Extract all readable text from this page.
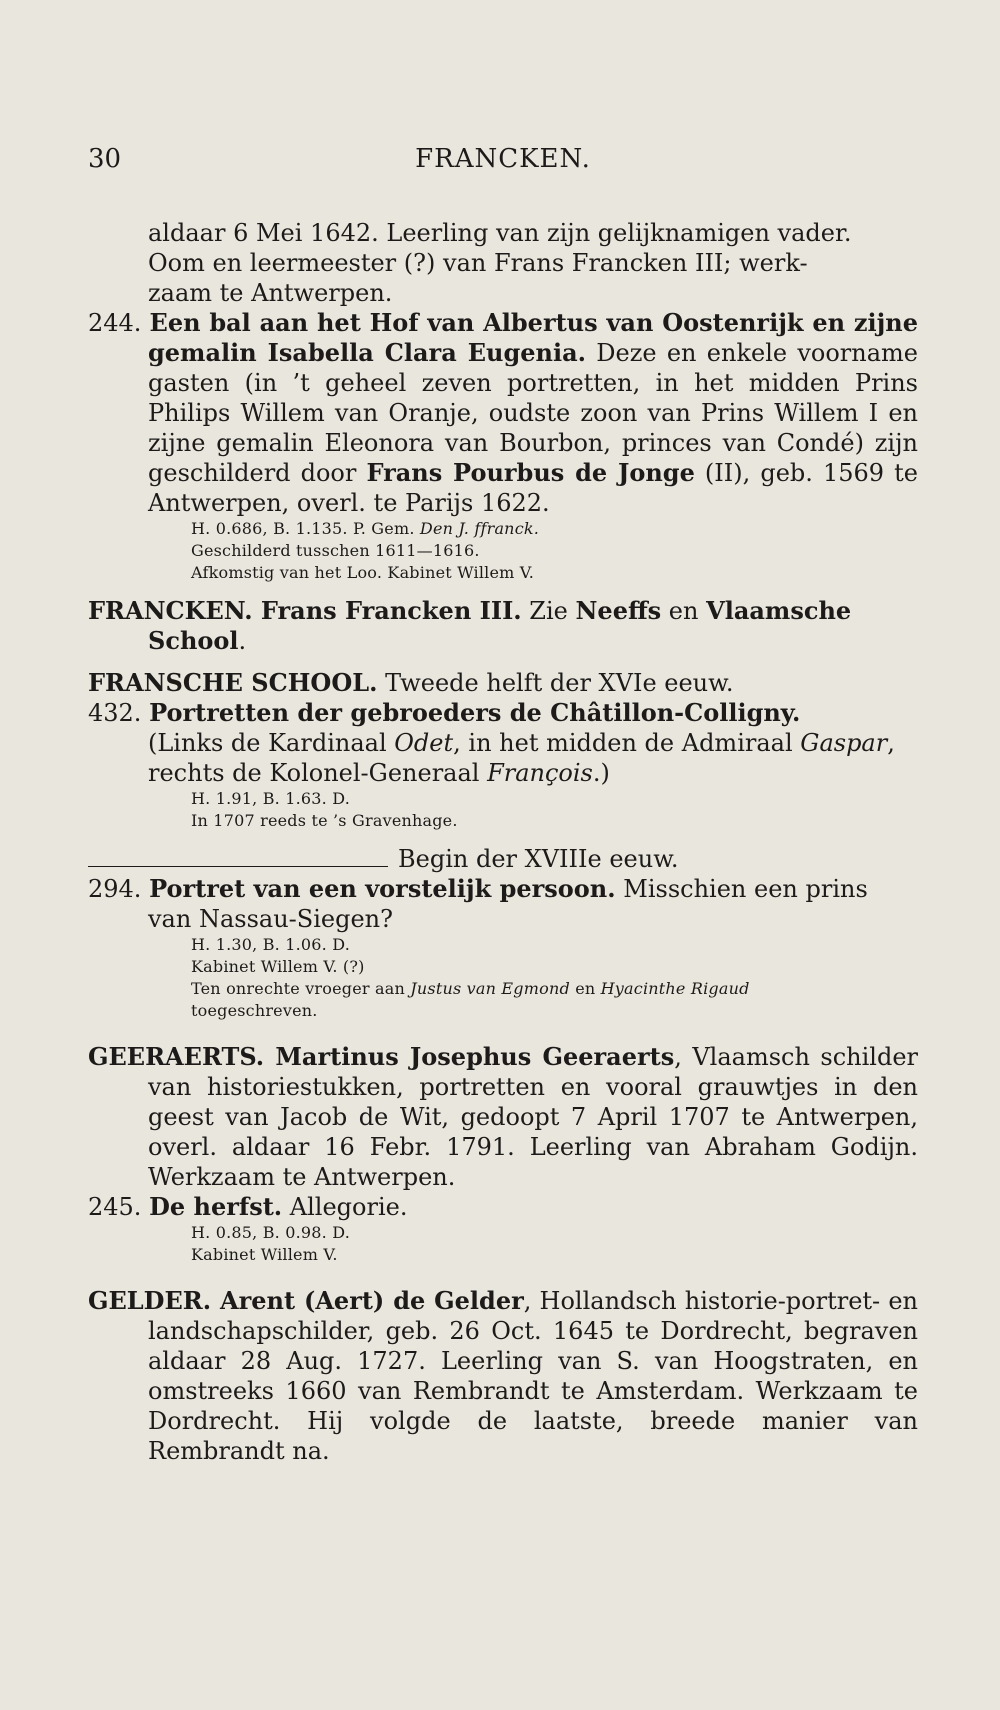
30	FRANCKEN.

aldaar 6 Mei 1642. Leerling van zijn gelijknamigen vader.

Oom en leermeester (?) van Frans Francken III; werk-

zaam te Antwerpen.

244. Een bal aan het Hof van Albertus van Oostenrijk en zijne gemalin Isabella Clara Eugenia. Deze en enkele voorname gasten (in ’t geheel zeven portretten, in het midden Prins Philips Willem van Oranje, oudste zoon van Prins Willem I en zijne gemalin Eleonora van Bourbon, princes van Condé) zijn geschilderd door Frans Pourbus de Jonge (II), geb. 1569 te Antwerpen, overl. te Parijs 1622.

H. 0.686, B. 1.135. P. Gem. Den J. ffranck.

Geschilderd tusschen 1611—1616.

Afkomstig van het Loo. Kabinet Willem V.

FRANCKEN. Frans Francken III. Zie Neeffs en Vlaamsche School.

FRANSCHE SCHOOL. Tweede helft der XVIe eeuw.

432. Portretten der gebroeders de Châtillon-Colligny.

(Links de Kardinaal Odet, in het midden de Admiraal Gaspar, rechts de Kolonel-Generaal François.)

H. 1.91, B. 1.63. D.

In 1707 reeds te ’s Gravenhage.

Begin der XVIIIe eeuw.

294. Portret van een vorstelijk persoon. Misschien een prins van Nassau-Siegen?

H. 1.30, B. 1.06. D.

Kabinet Willem V. (?)

Ten onrechte vroeger aan Justus van Egmond en Hyacinthe Rigaud

toegeschreven.

GEERAERTS. Martinus Josephus Geeraerts, Vlaamsch schilder van historiestukken, portretten en vooral grauwtjes in den geest van Jacob de Wit, gedoopt 7 April 1707 te Antwerpen, overl. aldaar 16 Febr. 1791. Leerling van Abraham Godijn. Werkzaam te Antwerpen.

245. De herfst. Allegorie.

H. 0.85, B. 0.98. D.

Kabinet Willem V.

GELDER. Arent (Aert) de Gelder, Hollandsch historie-portret- en landschapschilder, geb. 26 Oct. 1645 te Dordrecht, begraven aldaar 28 Aug. 1727. Leerling van S. van Hoogstraten, en omstreeks 1660 van Rembrandt te Amsterdam. Werkzaam te Dordrecht. Hij volgde de laatste, breede manier van Rembrandt na.
